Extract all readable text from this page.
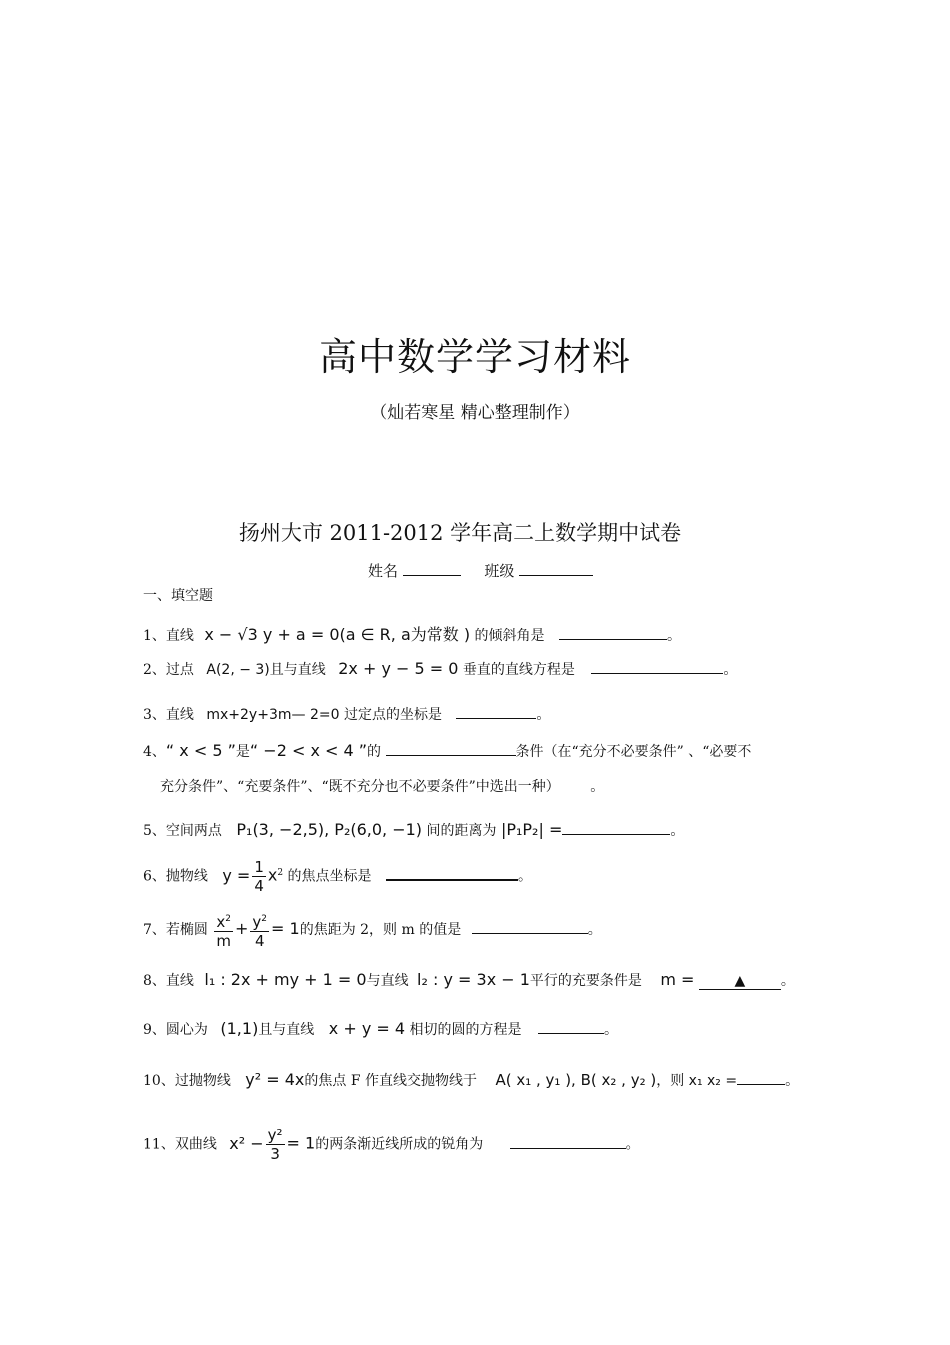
高中数学学习材料
（灿若寒星 精心整理制作）
扬州大市 2011-2012 学年高二上数学期中试卷
姓名	班级
一、填空题
1、直线 x − √3 y + a = 0(a ∈ R, a为常数 ) 的倾斜角是	。
2、过点 A(2, − 3)且与直线 2x + y − 5 = 0 垂直的直线方程是	。
3、直线 mx+2y+3m— 2=0 过定点的坐标是	。
4、“ x < 5 ”是“ −2 < x < 4 ”的	条件（在“充分不必要条件” 、“必要不
充分条件”、“充要条件”、“既不充分也不必要条件”中选出一种） 。
5、空间两点 P₁(3, −2,5), P₂(6,0, −1) 间的距离为 |P₁P₂| =	。
6、抛物线 $y = \frac{1}{4} x^2$ 的焦点坐标是	。
7、若椭圆 $\frac{x^2}{m} + \frac{y^2}{4} = 1$的焦距为 2，则 m 的值是	。
8、直线 l₁ : 2x + my + 1 = 0与直线 l₂ : y = 3x − 1平行的充要条件是 m =	▲	。
9、圆心为 (1,1)且与直线 x + y = 4 相切的圆的方程是	。
10、过抛物线 y² = 4x的焦点 F 作直线交抛物线于 A( x₁ , y₁ ), B( x₂ , y₂ )，则 x₁ x₂ =	。
11、双曲线 $x^2 - \frac{\text{y²}}{3} = 1$的两条渐近线所成的锐角为	。
